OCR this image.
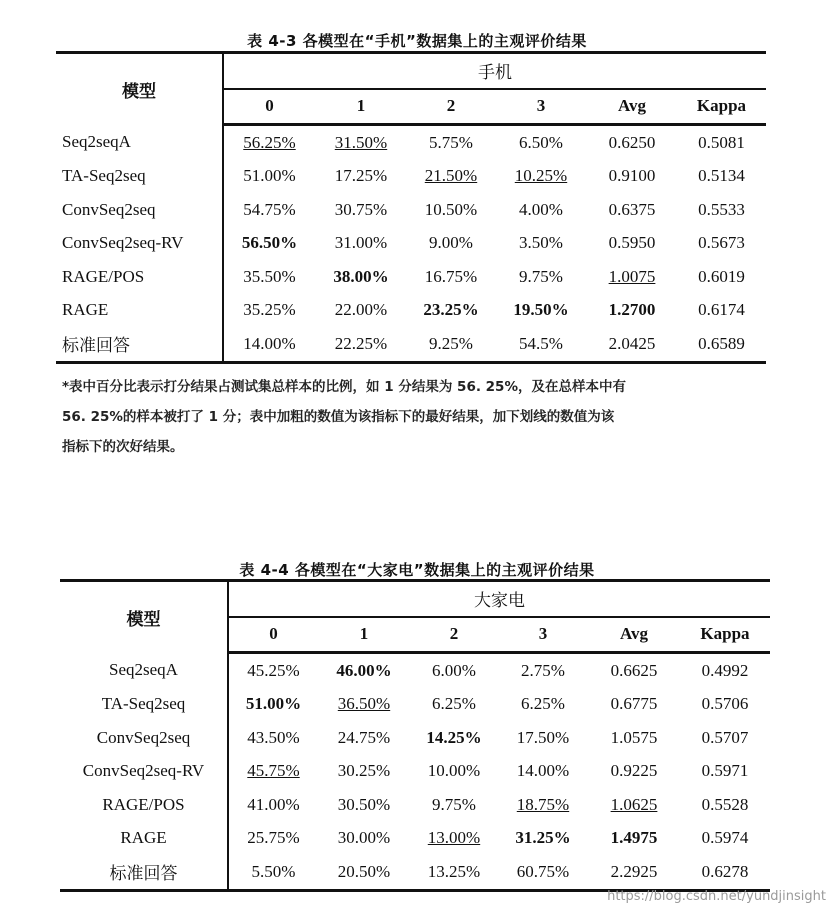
表 4-3 各模型在“手机”数据集上的主观评价结果
模型	手机					
	0	1	2	3	Avg	Kappa
Seq2seqA	56.25%	31.50%	5.75%	6.50%	0.6250	0.5081
TA-Seq2seq	51.00%	17.25%	21.50%	10.25%	0.9100	0.5134
ConvSeq2seq	54.75%	30.75%	10.50%	4.00%	0.6375	0.5533
ConvSeq2seq-RV	56.50%	31.00%	9.00%	3.50%	0.5950	0.5673
RAGE/POS	35.50%	38.00%	16.75%	9.75%	1.0075	0.6019
RAGE	35.25%	22.00%	23.25%	19.50%	1.2700	0.6174
标准回答	14.00%	22.25%	9.25%	54.5%	2.0425	0.6589
*表中百分比表示打分结果占测试集总样本的比例，如 1 分结果为 56. 25%，及在总样本中有
56. 25%的样本被打了 1 分；表中加粗的数值为该指标下的最好结果，加下划线的数值为该
指标下的次好结果。
表 4-4 各模型在“大家电”数据集上的主观评价结果
模型	大家电					
	0	1	2	3	Avg	Kappa
Seq2seqA	45.25%	46.00%	6.00%	2.75%	0.6625	0.4992
TA-Seq2seq	51.00%	36.50%	6.25%	6.25%	0.6775	0.5706
ConvSeq2seq	43.50%	24.75%	14.25%	17.50%	1.0575	0.5707
ConvSeq2seq-RV	45.75%	30.25%	10.00%	14.00%	0.9225	0.5971
RAGE/POS	41.00%	30.50%	9.75%	18.75%	1.0625	0.5528
RAGE	25.75%	30.00%	13.00%	31.25%	1.4975	0.5974
标准回答	5.50%	20.50%	13.25%	60.75%	2.2925	0.6278
https://blog.csdn.net/yundjinsight
